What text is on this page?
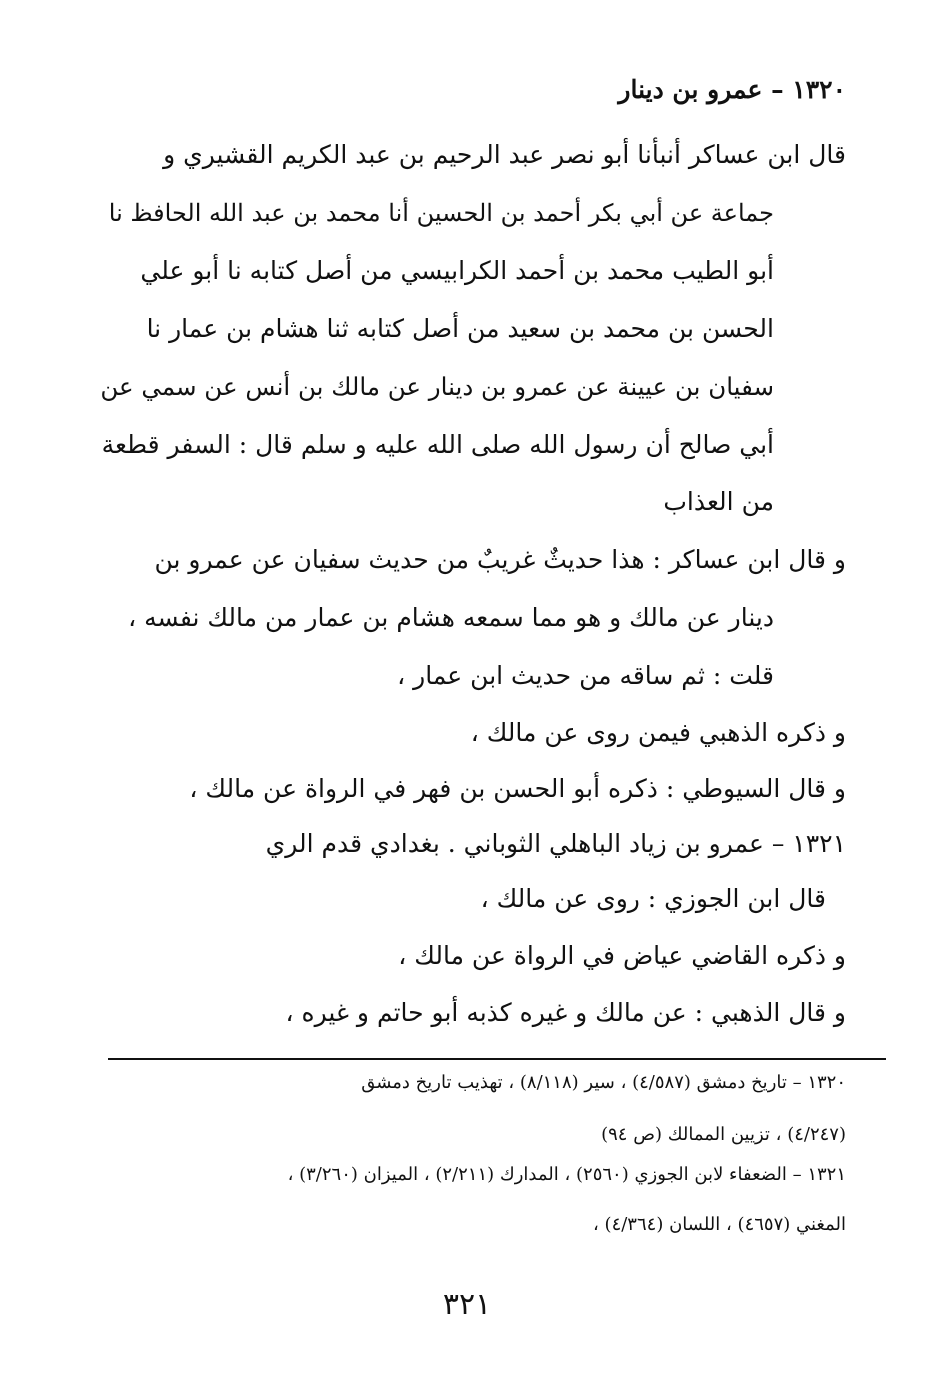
١٣٢٠ – عمرو بن دينار
قال ابن عساكر أنبأنا أبو نصر عبد الرحيم بن عبد الكريم القشيري و
جماعة عن أبي بكر أحمد بن الحسين أنا محمد بن عبد الله الحافظ نا
أبو الطيب محمد بن أحمد الكرابيسي من أصل كتابه نا أبو علي
الحسن بن محمد بن سعيد من أصل كتابه ثنا هشام بن عمار نا
سفيان بن عيينة عن عمرو بن دينار عن مالك بن أنس عن سمي عن
أبي صالح أن رسول الله صلى الله عليه و سلم قال : السفر قطعة
من العذاب
و قال ابن عساكر : هذا حديثٌ غريبٌ من حديث سفيان عن عمرو بن
دينار عن مالك و هو مما سمعه هشام بن عمار من مالك نفسه ،
قلت : ثم ساقه من حديث ابن عمار ،
و ذكره الذهبي فيمن روى عن مالك ،
و قال السيوطي : ذكره أبو الحسن بن فهر في الرواة عن مالك ،
١٣٢١ – عمرو بن زياد الباهلي الثوباني . بغدادي قدم الري
قال ابن الجوزي : روى عن مالك ،
و ذكره القاضي عياض في الرواة عن مالك ،
و قال الذهبي : عن مالك و غيره كذبه أبو حاتم و غيره ،
١٣٢٠ – تاريخ دمشق (٤/٥٨٧) ، سير (٨/١١٨) ، تهذيب تاريخ دمشق
(٤/٢٤٧) ، تزيين الممالك (ص ٩٤)
١٣٢١ – الضعفاء لابن الجوزي (٢٥٦٠) ، المدارك (٢/٢١١) ، الميزان (٣/٢٦٠) ،
المغني (٤٦٥٧) ، اللسان (٤/٣٦٤) ،
٣٢١
